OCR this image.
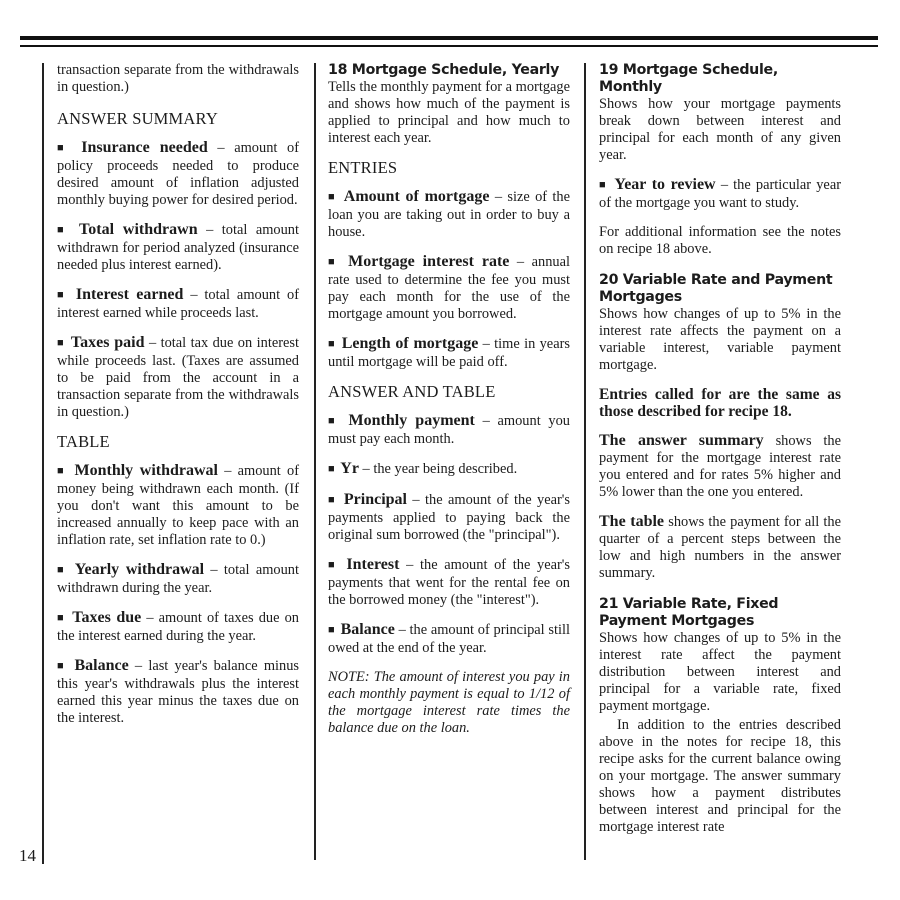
14

transaction separate from the withdrawals in question.)

ANSWER SUMMARY

■ Insurance needed – amount of policy proceeds needed to produce desired amount of inflation adjusted monthly buying power for desired period.

■ Total withdrawn – total amount withdrawn for period analyzed (insurance needed plus interest earned).

■ Interest earned – total amount of interest earned while proceeds last.

■ Taxes paid – total tax due on interest while proceeds last. (Taxes are assumed to be paid from the account in a transaction separate from the withdrawals in question.)

TABLE

■ Monthly withdrawal – amount of money being withdrawn each month. (If you don't want this amount to be increased annually to keep pace with an inflation rate, set inflation rate to 0.)

■ Yearly withdrawal – total amount withdrawn during the year.

■ Taxes due – amount of taxes due on the interest earned during the year.

■ Balance – last year's balance minus this year's withdrawals plus the interest earned this year minus the taxes due on the interest.

18 Mortgage Schedule, Yearly

Tells the monthly payment for a mortgage and shows how much of the payment is applied to principal and how much to interest each year.

ENTRIES

■ Amount of mortgage – size of the loan you are taking out in order to buy a house.

■ Mortgage interest rate – annual rate used to determine the fee you must pay each month for the use of the mortgage amount you borrowed.

■ Length of mortgage – time in years until mortgage will be paid off.

ANSWER AND TABLE

■ Monthly payment – amount you must pay each month.

■ Yr – the year being described.

■ Principal – the amount of the year's payments applied to paying back the original sum borrowed (the "principal").

■ Interest – the amount of the year's payments that went for the rental fee on the borrowed money (the "interest").

■ Balance – the amount of principal still owed at the end of the year.

NOTE: The amount of interest you pay in each monthly payment is equal to 1/12 of the mortgage interest rate times the balance due on the loan.

19 Mortgage Schedule, Monthly

Shows how your mortgage payments break down between interest and principal for each month of any given year.

■ Year to review – the particular year of the mortgage you want to study.

For additional information see the notes on recipe 18 above.

20 Variable Rate and Payment Mortgages

Shows how changes of up to 5% in the interest rate affects the payment on a variable interest, variable payment mortgage.

Entries called for are the same as those described for recipe 18.

The answer summary shows the payment for the mortgage interest rate you entered and for rates 5% higher and 5% lower than the one you entered.

The table shows the payment for all the quarter of a percent steps between the low and high numbers in the answer summary.

21 Variable Rate, Fixed Payment Mortgages

Shows how changes of up to 5% in the interest rate affect the payment distribution between interest and principal for a variable rate, fixed payment mortgage.

In addition to the entries described above in the notes for recipe 18, this recipe asks for the current balance owing on your mortgage. The answer summary shows how a payment distributes between interest and principal for the mortgage interest rate
